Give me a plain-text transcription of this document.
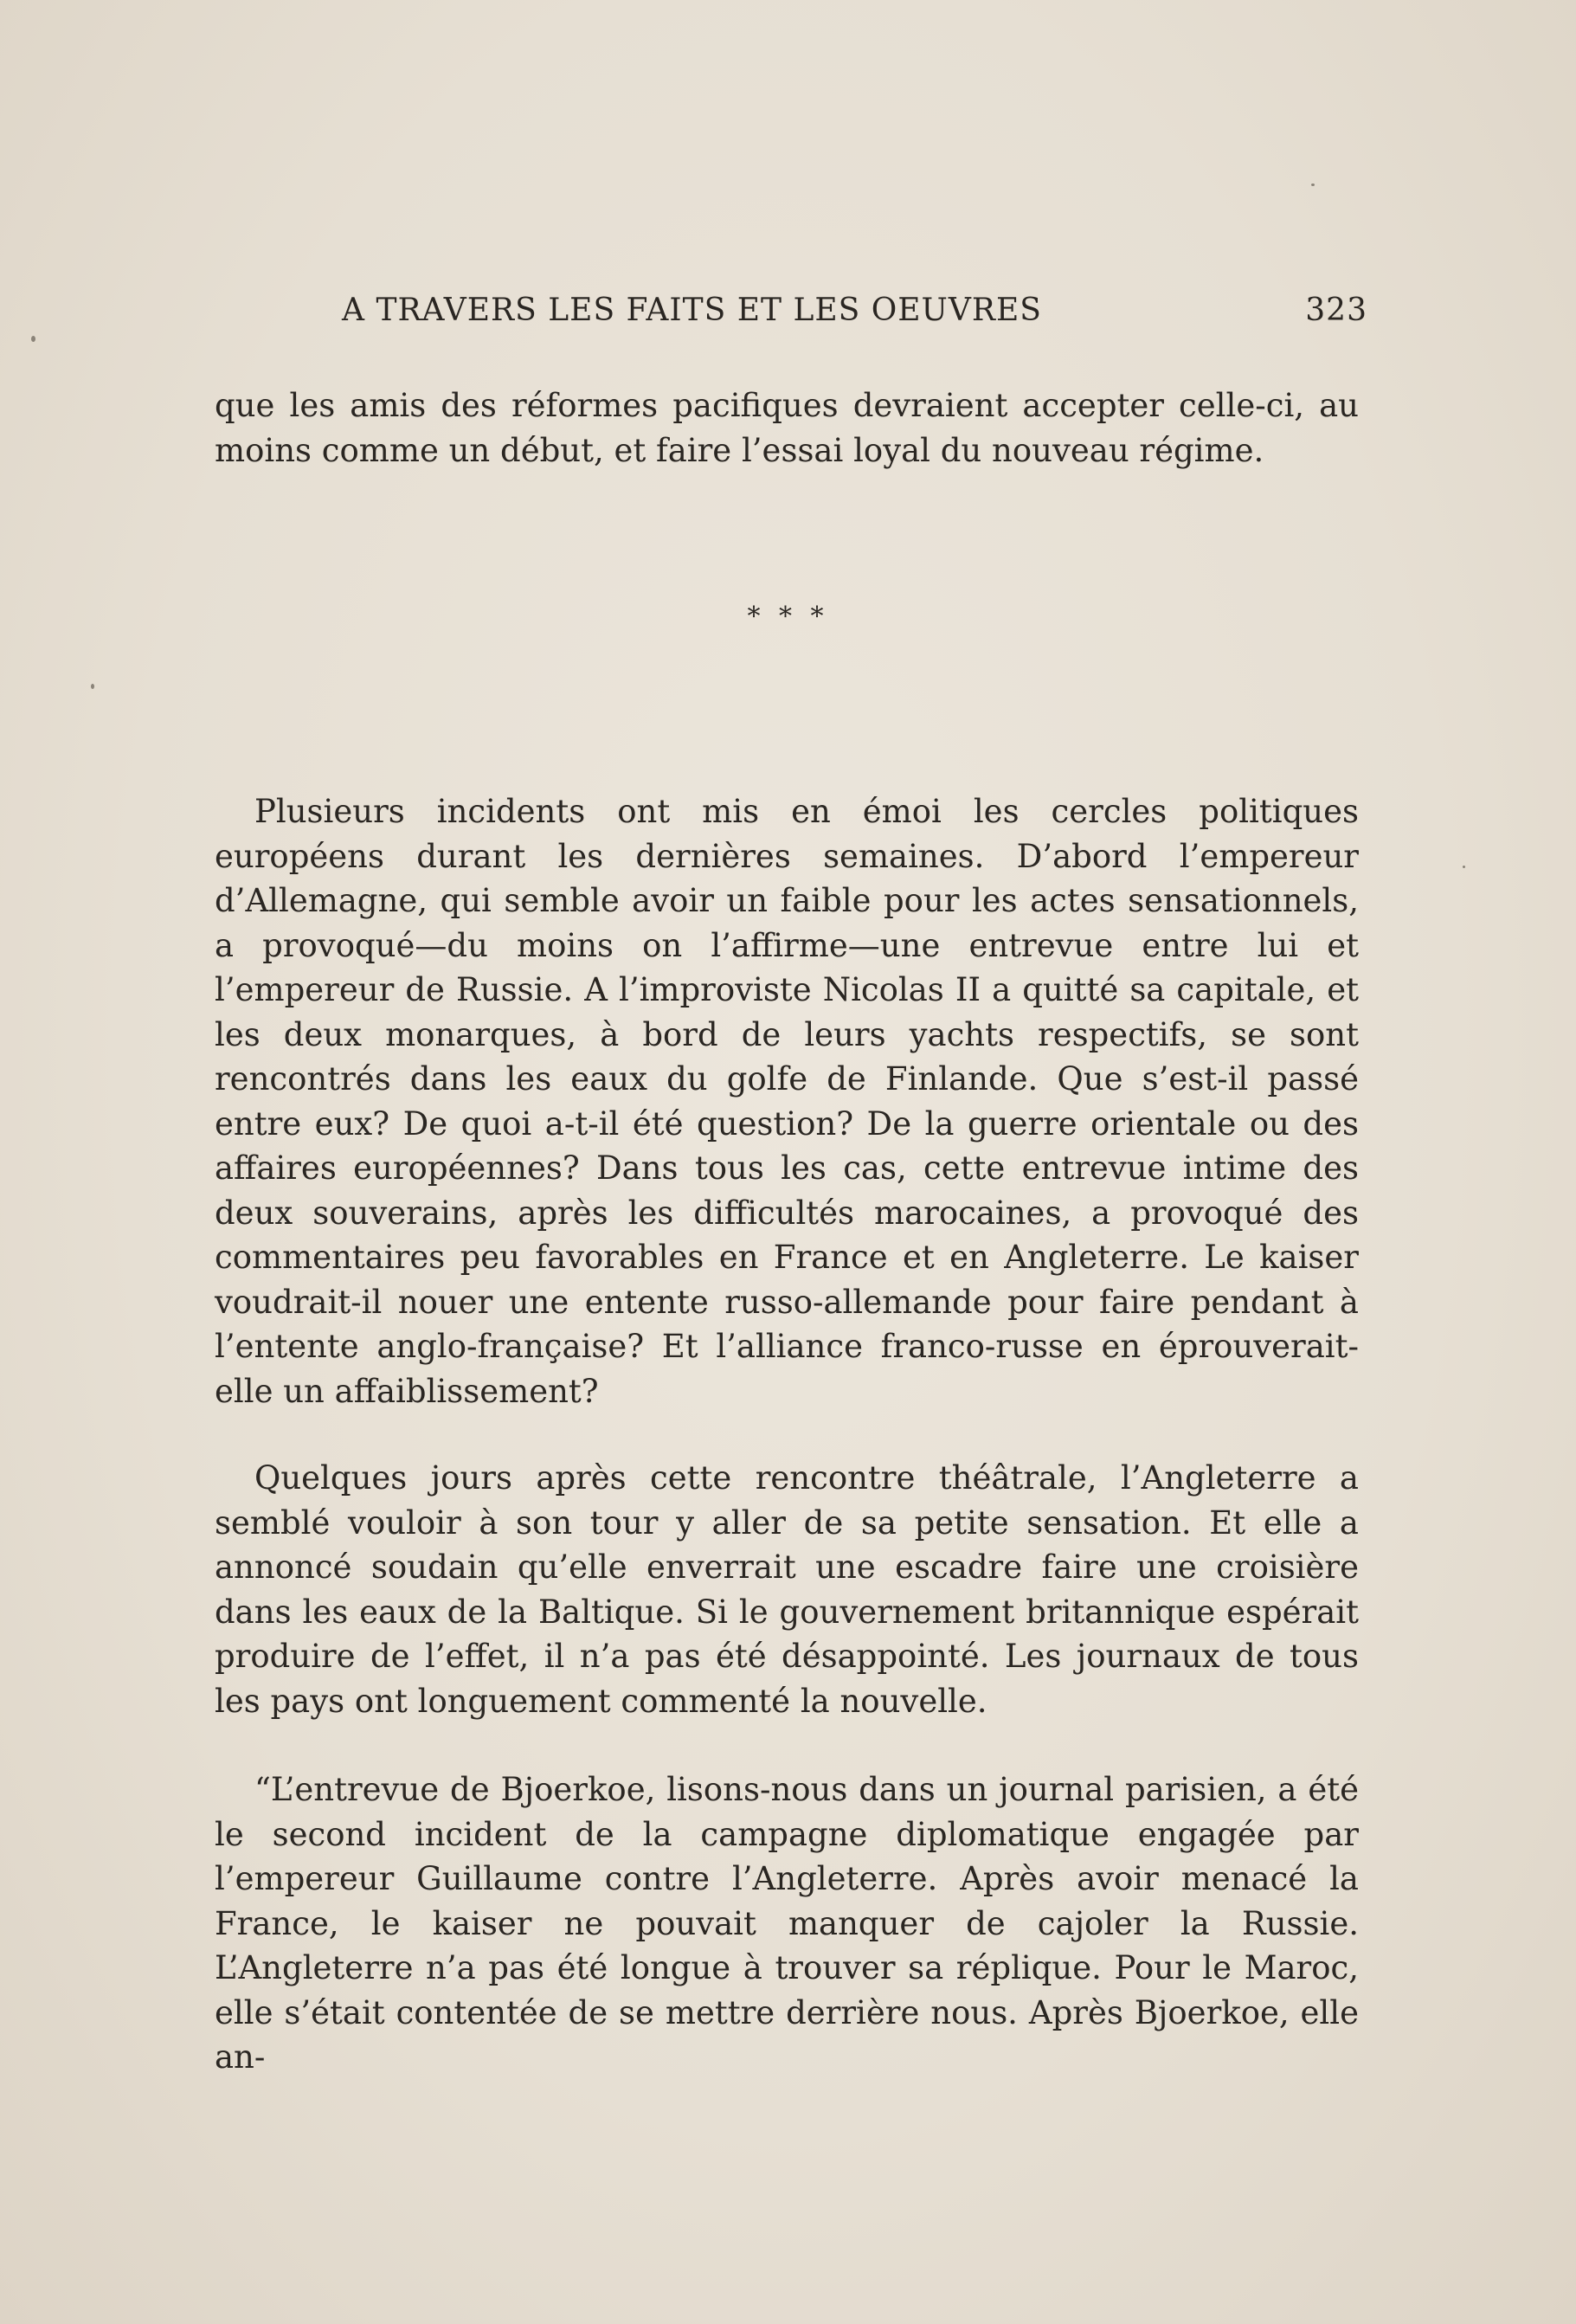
A TRAVERS LES FAITS ET LES OEUVRES	323

que les amis des réformes pacifiques devraient accepter celle-ci, au moins comme un début, et faire l’essai loyal du nouveau régime.

* * *

Plusieurs incidents ont mis en émoi les cercles politiques européens durant les dernières semaines. D’abord l’empereur d’Allemagne, qui semble avoir un faible pour les actes sensationnels, a provoqué—du moins on l’affirme—une entrevue entre lui et l’empereur de Russie. A l’improviste Nicolas II a quitté sa capitale, et les deux monarques, à bord de leurs yachts respectifs, se sont rencontrés dans les eaux du golfe de Finlande. Que s’est-il passé entre eux? De quoi a-t-il été question? De la guerre orientale ou des affaires européennes? Dans tous les cas, cette entrevue intime des deux souverains, après les difficultés marocaines, a provoqué des commentaires peu favorables en France et en Angleterre. Le kaiser voudrait-il nouer une entente russo-allemande pour faire pendant à l’entente anglo-française? Et l’alliance franco-russe en éprouverait-elle un affaiblissement?

Quelques jours après cette rencontre théâtrale, l’Angleterre a semblé vouloir à son tour y aller de sa petite sensation. Et elle a annoncé soudain qu’elle enverrait une escadre faire une croisière dans les eaux de la Baltique. Si le gouvernement britannique espérait produire de l’effet, il n’a pas été désappointé. Les journaux de tous les pays ont longuement commenté la nouvelle.

“L’entrevue de Bjoerkoe, lisons-nous dans un journal parisien, a été le second incident de la campagne diplomatique engagée par l’empereur Guillaume contre l’Angleterre. Après avoir menacé la France, le kaiser ne pouvait manquer de cajoler la Russie. L’Angleterre n’a pas été longue à trouver sa réplique. Pour le Maroc, elle s’était contentée de se mettre derrière nous. Après Bjoerkoe, elle an-
